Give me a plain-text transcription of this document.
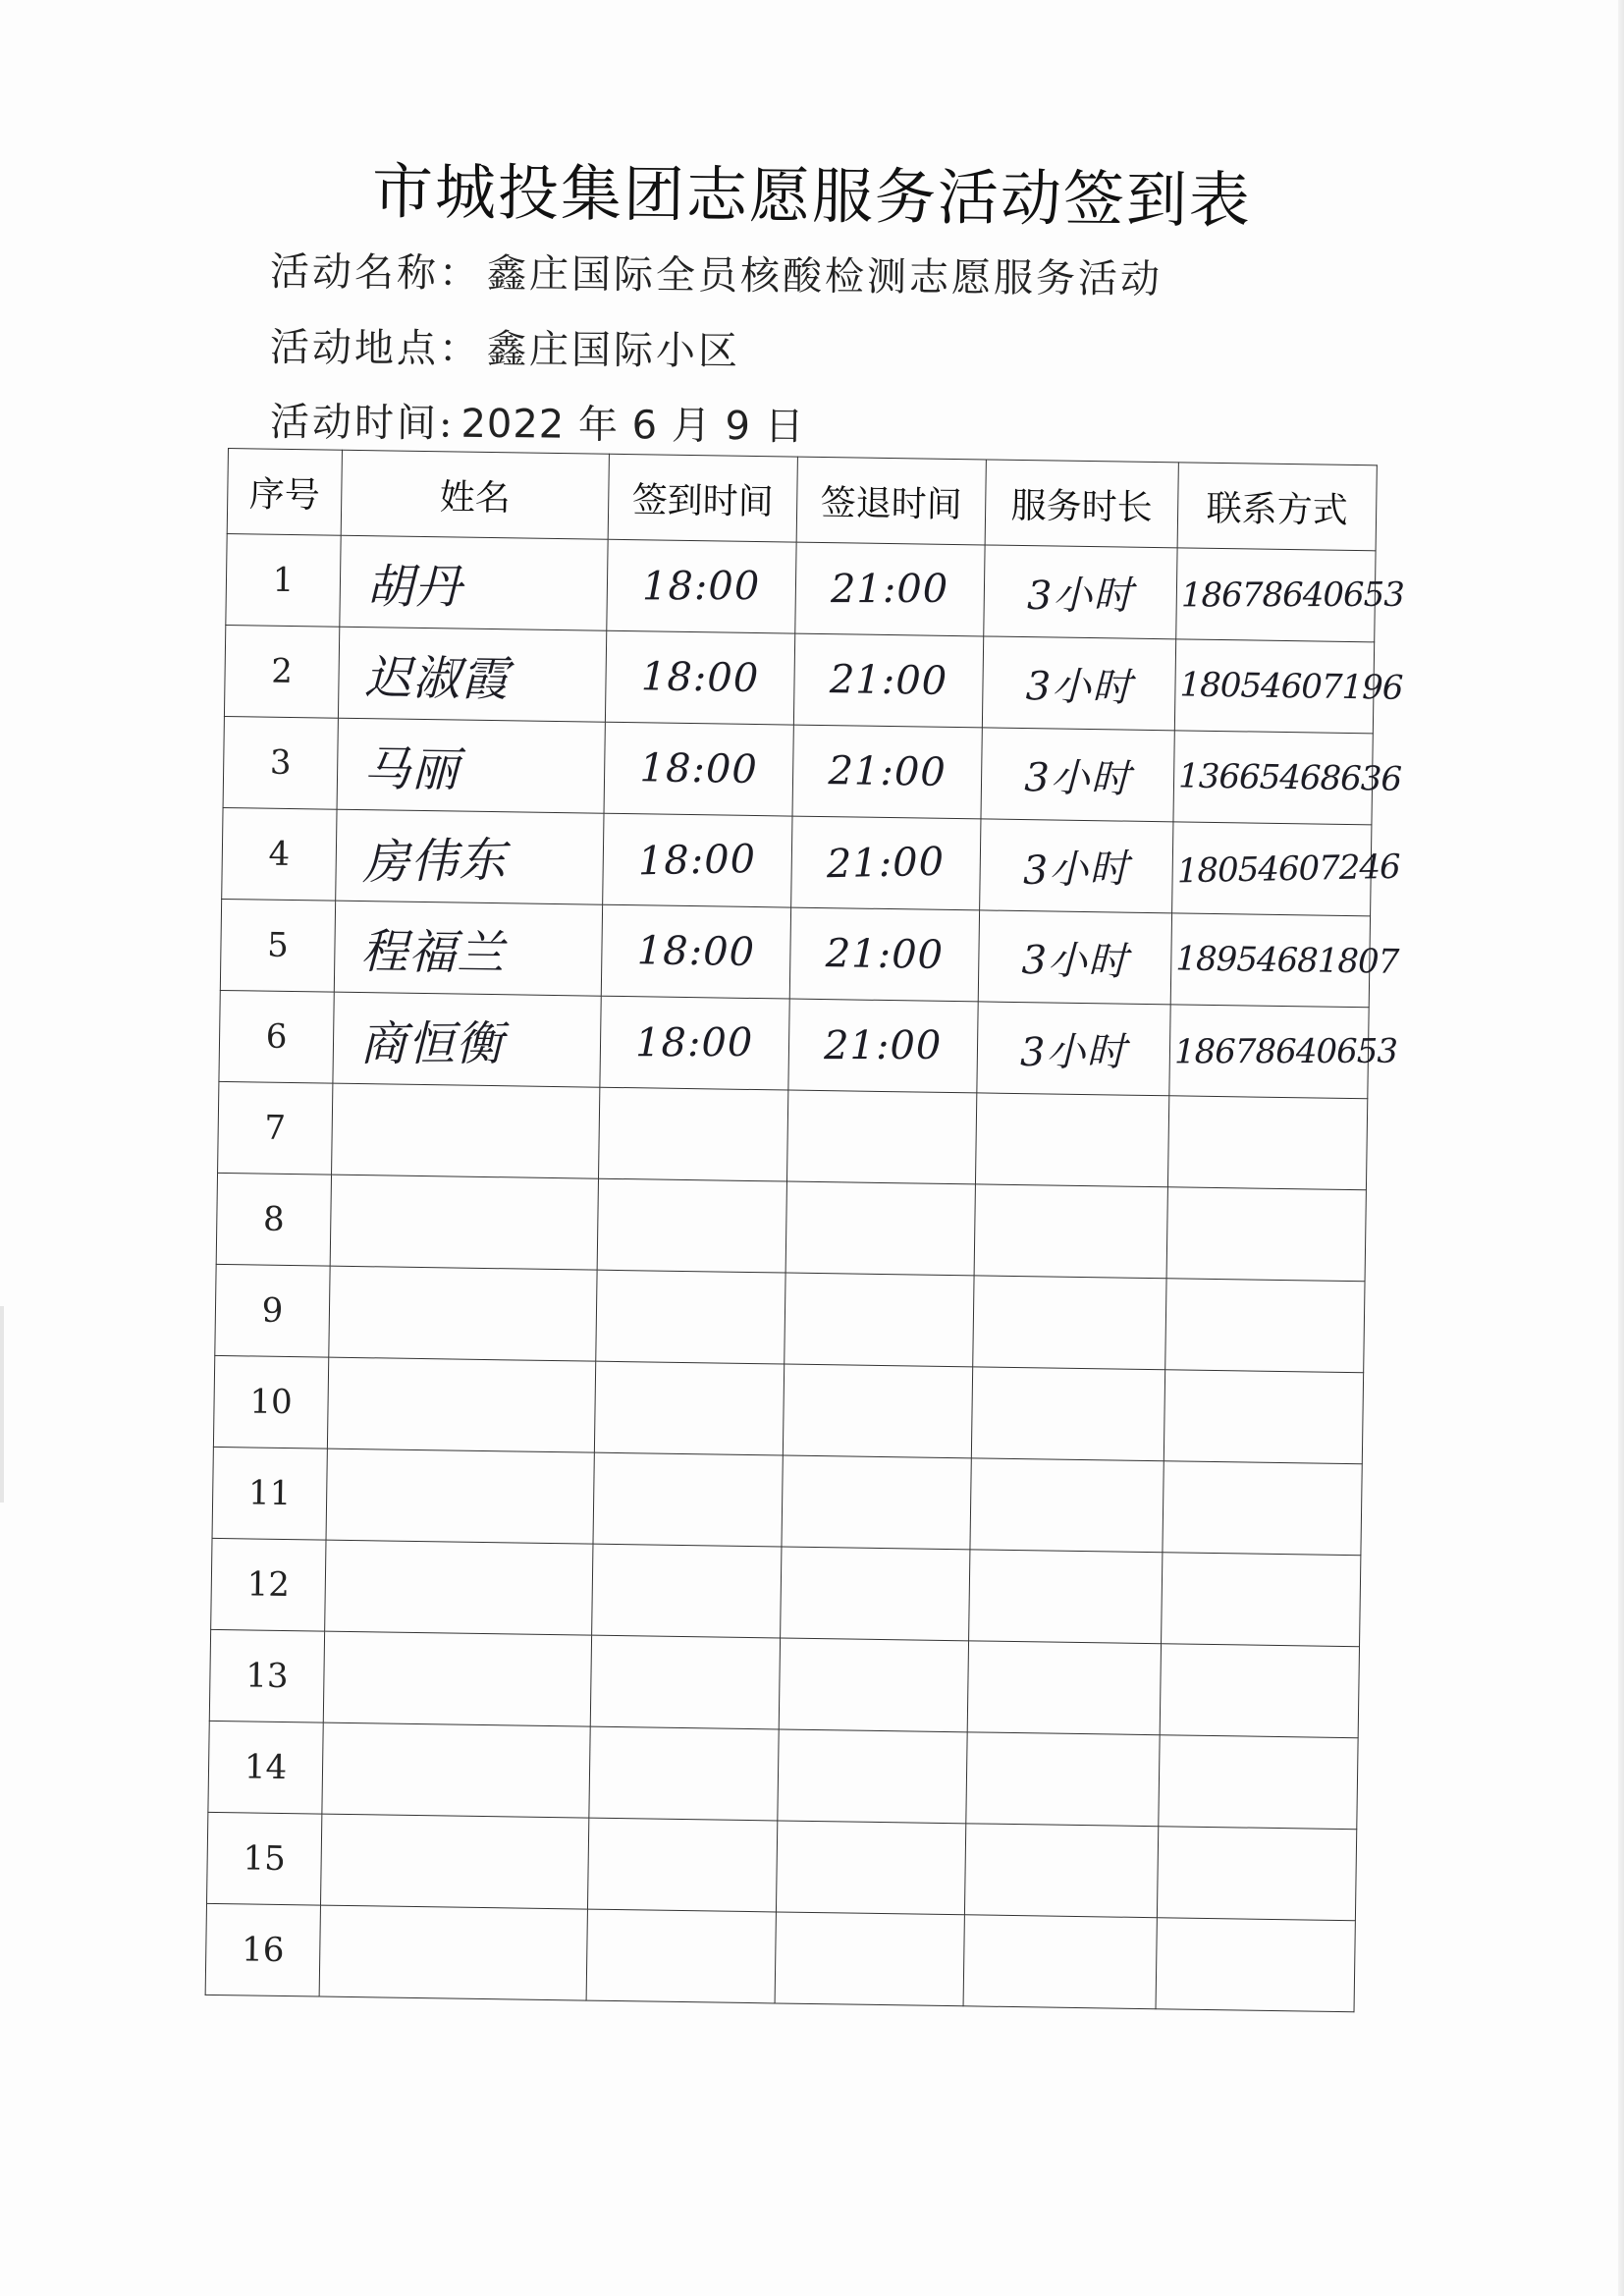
市城投集团志愿服务活动签到表
活动名称： 鑫庄国际全员核酸检测志愿服务活动
活动地点： 鑫庄国际小区
活动时间: 2022 年 6 月 9 日
序号	姓名	签到时间	签退时间	服务时长	联系方式
1	胡丹	18:00	21:00	3小时	18678640653
2	迟淑霞	18:00	21:00	3小时	18054607196
3	马丽	18:00	21:00	3小时	13665468636
4	房伟东	18:00	21:00	3小时	18054607246
5	程福兰	18:00	21:00	3小时	18954681807
6	商恒衡	18:00	21:00	3小时	18678640653
7					
8					
9					
10					
11					
12					
13					
14					
15					
16					
